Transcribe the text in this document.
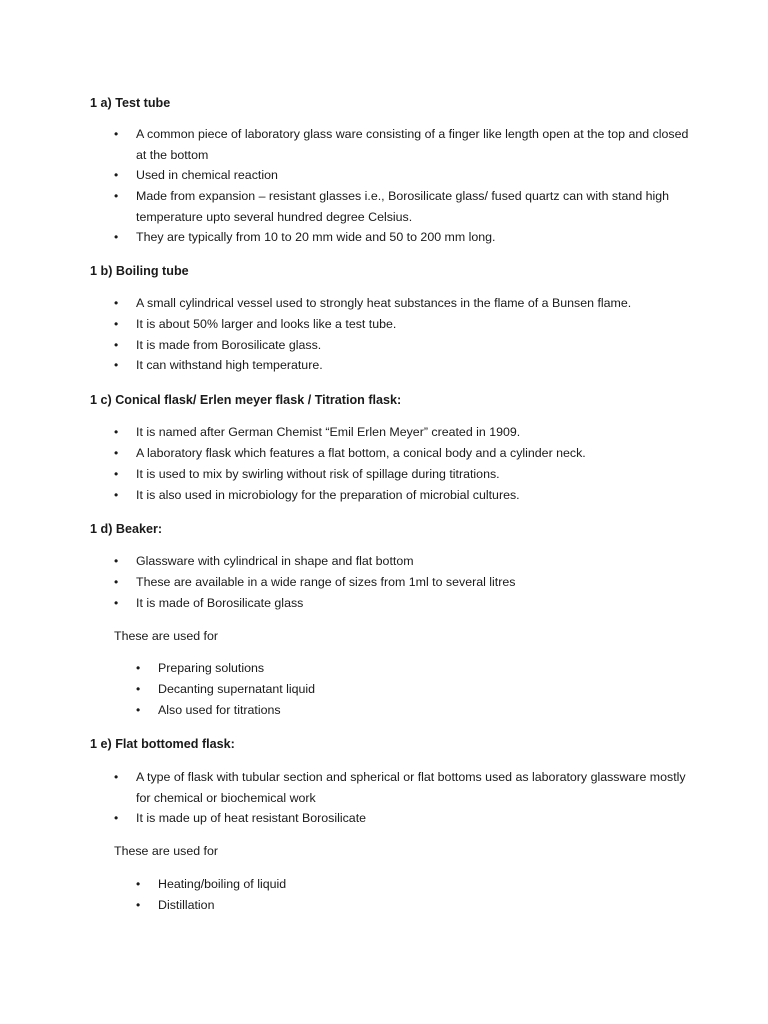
1 a) Test tube

• A common piece of laboratory glass ware consisting of a finger like length open at the top and closed at the bottom
• Used in chemical reaction
• Made from expansion – resistant glasses i.e., Borosilicate glass/ fused quartz can with stand high temperature upto several hundred degree Celsius.
• They are typically from 10 to 20 mm wide and 50 to 200 mm long.

1 b) Boiling tube

• A small cylindrical vessel used to strongly heat substances in the flame of a Bunsen flame.
• It is about 50% larger and looks like a test tube.
• It is made from Borosilicate glass.
• It can withstand high temperature.

1 c) Conical flask/ Erlen meyer flask / Titration flask:

• It is named after German Chemist “Emil Erlen Meyer” created in 1909.
• A laboratory flask which features a flat bottom, a conical body and a cylinder neck.
• It is used to mix by swirling without risk of spillage during titrations.
• It is also used in microbiology for the preparation of microbial cultures.

1 d) Beaker:

• Glassware with cylindrical in shape and flat bottom
• These are available in a wide range of sizes from 1ml to several litres
• It is made of Borosilicate glass

These are used for

• Preparing solutions
• Decanting supernatant liquid
• Also used for titrations

1 e) Flat bottomed flask:

• A type of flask with tubular section and spherical or flat bottoms used as laboratory glassware mostly for chemical or biochemical work
• It is made up of heat resistant Borosilicate

These are used for

• Heating/boiling of liquid
• Distillation
